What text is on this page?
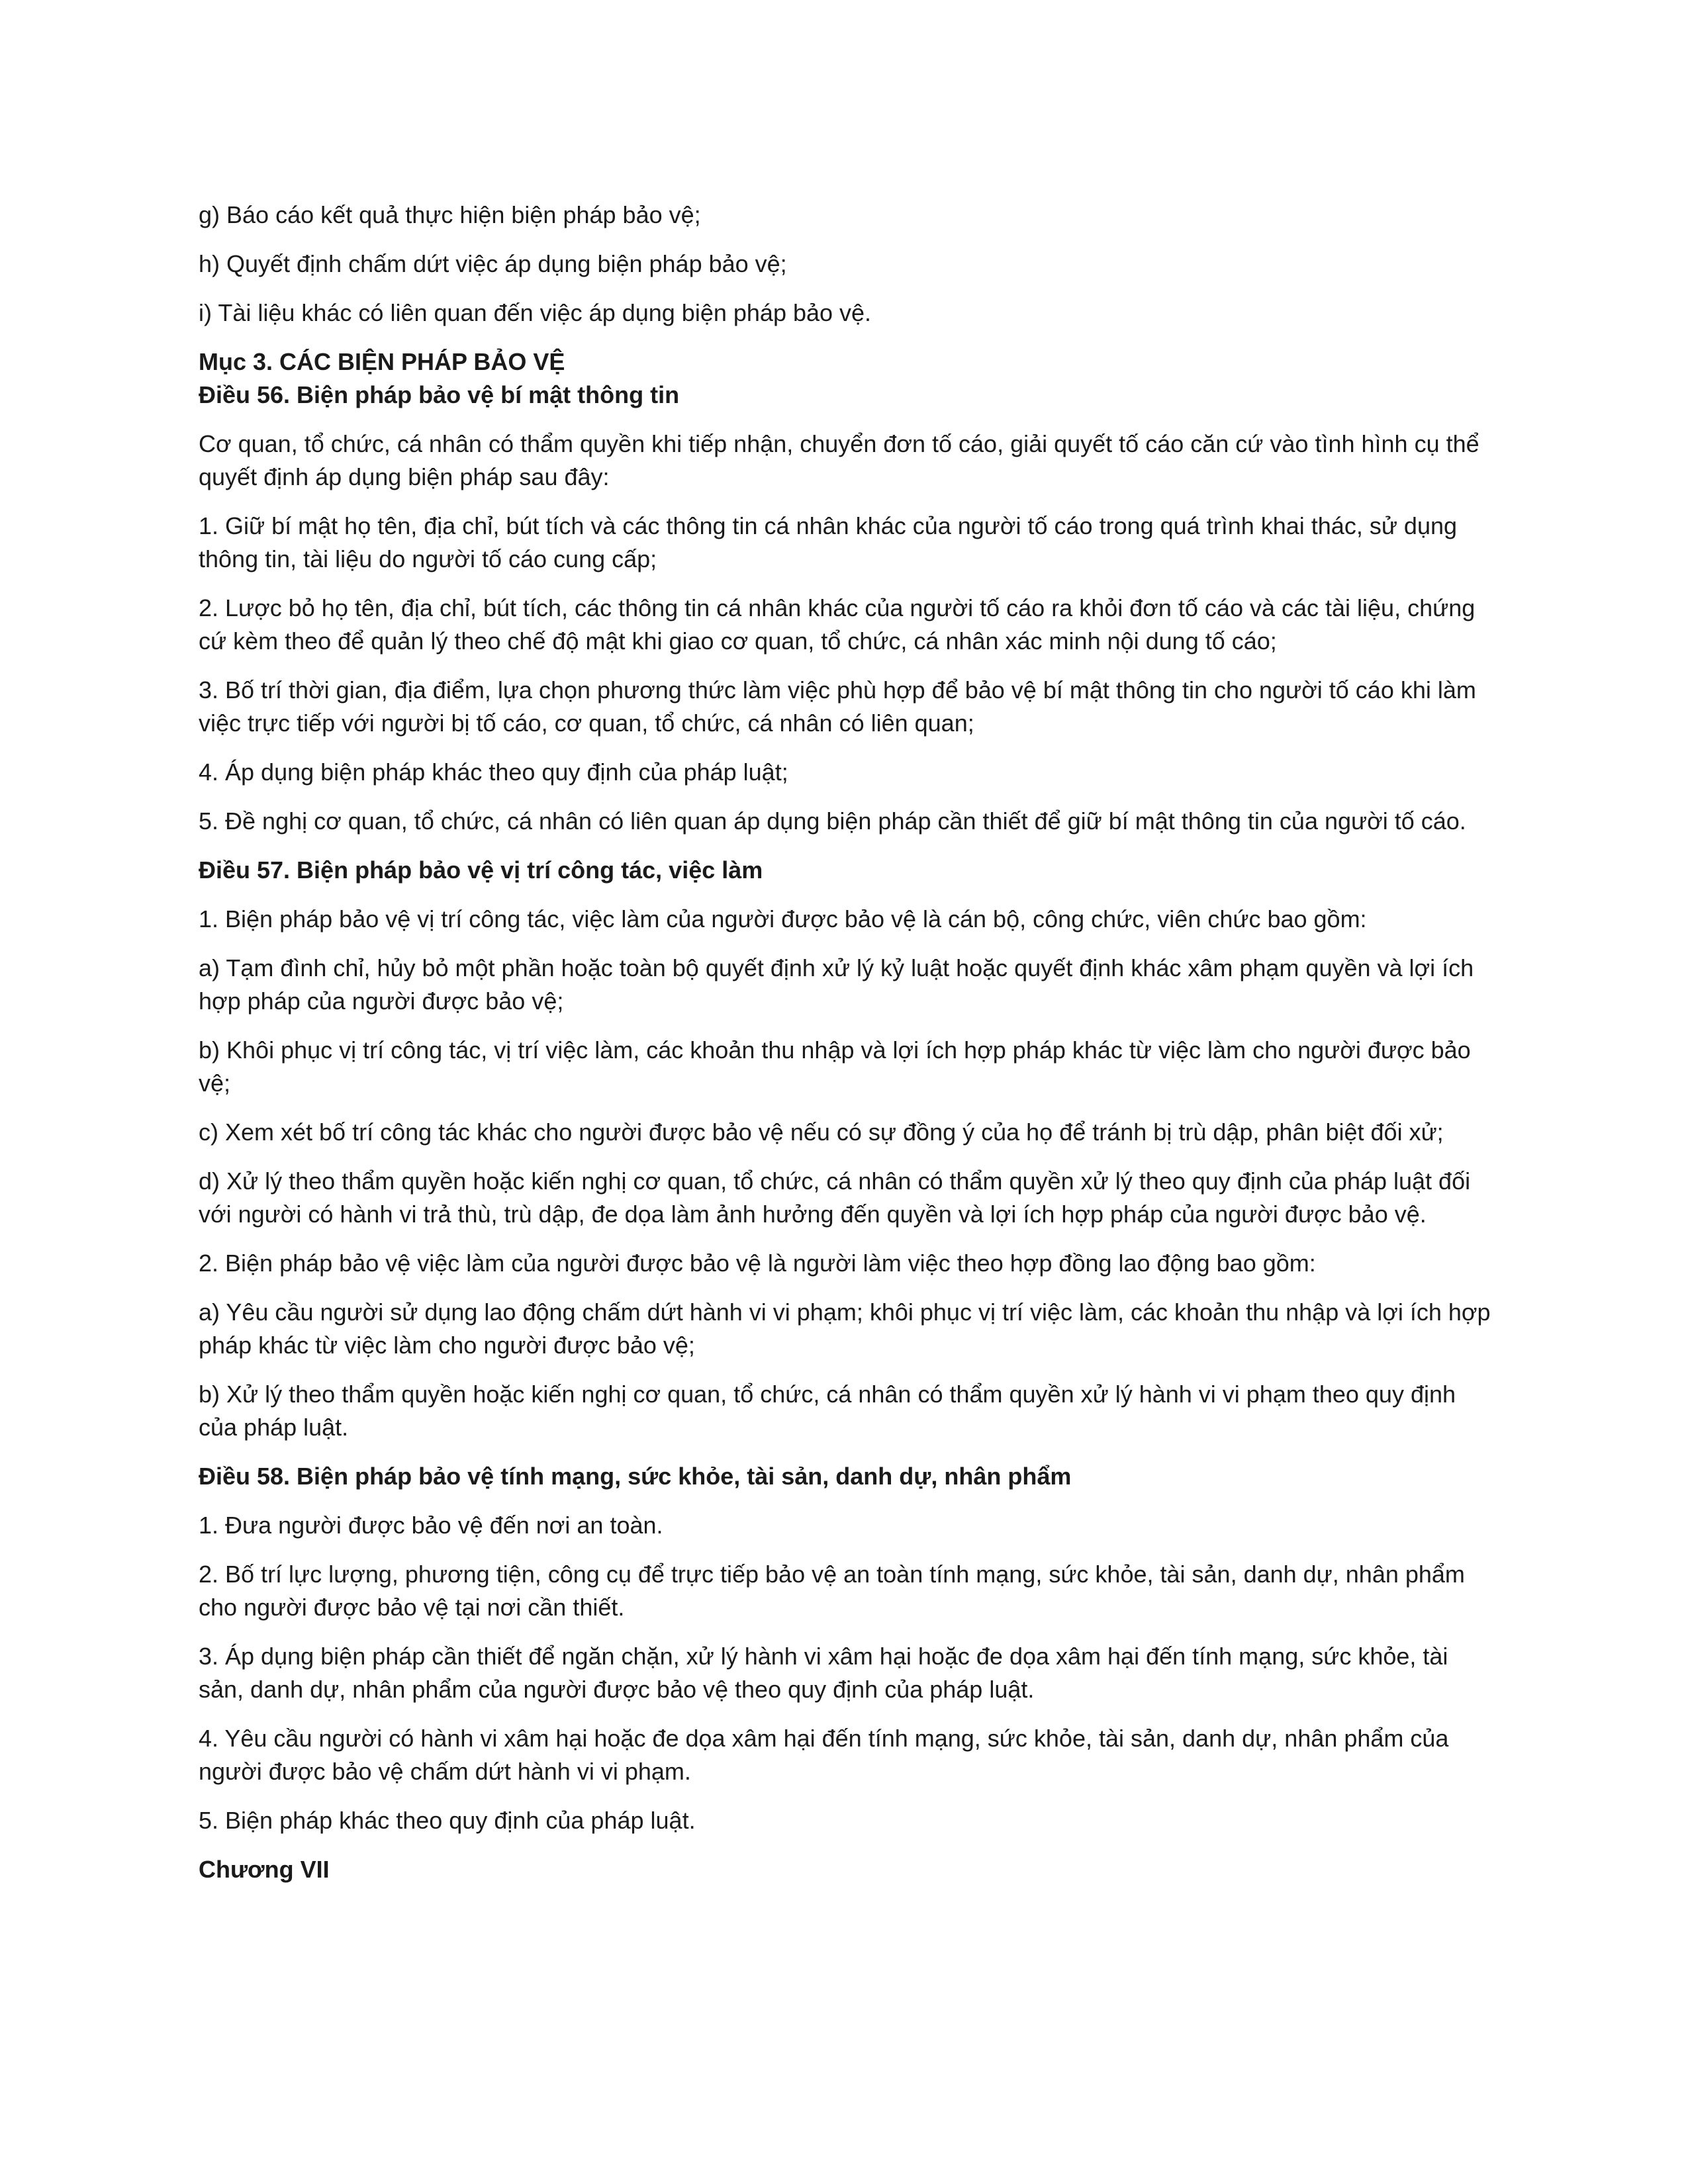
g) Báo cáo kết quả thực hiện biện pháp bảo vệ;

h) Quyết định chấm dứt việc áp dụng biện pháp bảo vệ;

i) Tài liệu khác có liên quan đến việc áp dụng biện pháp bảo vệ.

Mục 3. CÁC BIỆN PHÁP BẢO VỆ

Điều 56. Biện pháp bảo vệ bí mật thông tin

Cơ quan, tổ chức, cá nhân có thẩm quyền khi tiếp nhận, chuyển đơn tố cáo, giải quyết tố cáo căn cứ vào tình hình cụ thể quyết định áp dụng biện pháp sau đây:

1. Giữ bí mật họ tên, địa chỉ, bút tích và các thông tin cá nhân khác của người tố cáo trong quá trình khai thác, sử dụng thông tin, tài liệu do người tố cáo cung cấp;

2. Lược bỏ họ tên, địa chỉ, bút tích, các thông tin cá nhân khác của người tố cáo ra khỏi đơn tố cáo và các tài liệu, chứng cứ kèm theo để quản lý theo chế độ mật khi giao cơ quan, tổ chức, cá nhân xác minh nội dung tố cáo;

3. Bố trí thời gian, địa điểm, lựa chọn phương thức làm việc phù hợp để bảo vệ bí mật thông tin cho người tố cáo khi làm việc trực tiếp với người bị tố cáo, cơ quan, tổ chức, cá nhân có liên quan;

4. Áp dụng biện pháp khác theo quy định của pháp luật;

5. Đề nghị cơ quan, tổ chức, cá nhân có liên quan áp dụng biện pháp cần thiết để giữ bí mật thông tin của người tố cáo.

Điều 57. Biện pháp bảo vệ vị trí công tác, việc làm

1. Biện pháp bảo vệ vị trí công tác, việc làm của người được bảo vệ là cán bộ, công chức, viên chức bao gồm:

a) Tạm đình chỉ, hủy bỏ một phần hoặc toàn bộ quyết định xử lý kỷ luật hoặc quyết định khác xâm phạm quyền và lợi ích hợp pháp của người được bảo vệ;

b) Khôi phục vị trí công tác, vị trí việc làm, các khoản thu nhập và lợi ích hợp pháp khác từ việc làm cho người được bảo vệ;

c) Xem xét bố trí công tác khác cho người được bảo vệ nếu có sự đồng ý của họ để tránh bị trù dập, phân biệt đối xử;

d) Xử lý theo thẩm quyền hoặc kiến nghị cơ quan, tổ chức, cá nhân có thẩm quyền xử lý theo quy định của pháp luật đối với người có hành vi trả thù, trù dập, đe dọa làm ảnh hưởng đến quyền và lợi ích hợp pháp của người được bảo vệ.

2. Biện pháp bảo vệ việc làm của người được bảo vệ là người làm việc theo hợp đồng lao động bao gồm:

a) Yêu cầu người sử dụng lao động chấm dứt hành vi vi phạm; khôi phục vị trí việc làm, các khoản thu nhập và lợi ích hợp pháp khác từ việc làm cho người được bảo vệ;

b) Xử lý theo thẩm quyền hoặc kiến nghị cơ quan, tổ chức, cá nhân có thẩm quyền xử lý hành vi vi phạm theo quy định của pháp luật.

Điều 58. Biện pháp bảo vệ tính mạng, sức khỏe, tài sản, danh dự, nhân phẩm

1. Đưa người được bảo vệ đến nơi an toàn.

2. Bố trí lực lượng, phương tiện, công cụ để trực tiếp bảo vệ an toàn tính mạng, sức khỏe, tài sản, danh dự, nhân phẩm cho người được bảo vệ tại nơi cần thiết.

3. Áp dụng biện pháp cần thiết để ngăn chặn, xử lý hành vi xâm hại hoặc đe dọa xâm hại đến tính mạng, sức khỏe, tài sản, danh dự, nhân phẩm của người được bảo vệ theo quy định của pháp luật.

4. Yêu cầu người có hành vi xâm hại hoặc đe dọa xâm hại đến tính mạng, sức khỏe, tài sản, danh dự, nhân phẩm của người được bảo vệ chấm dứt hành vi vi phạm.

5. Biện pháp khác theo quy định của pháp luật.

Chương VII
